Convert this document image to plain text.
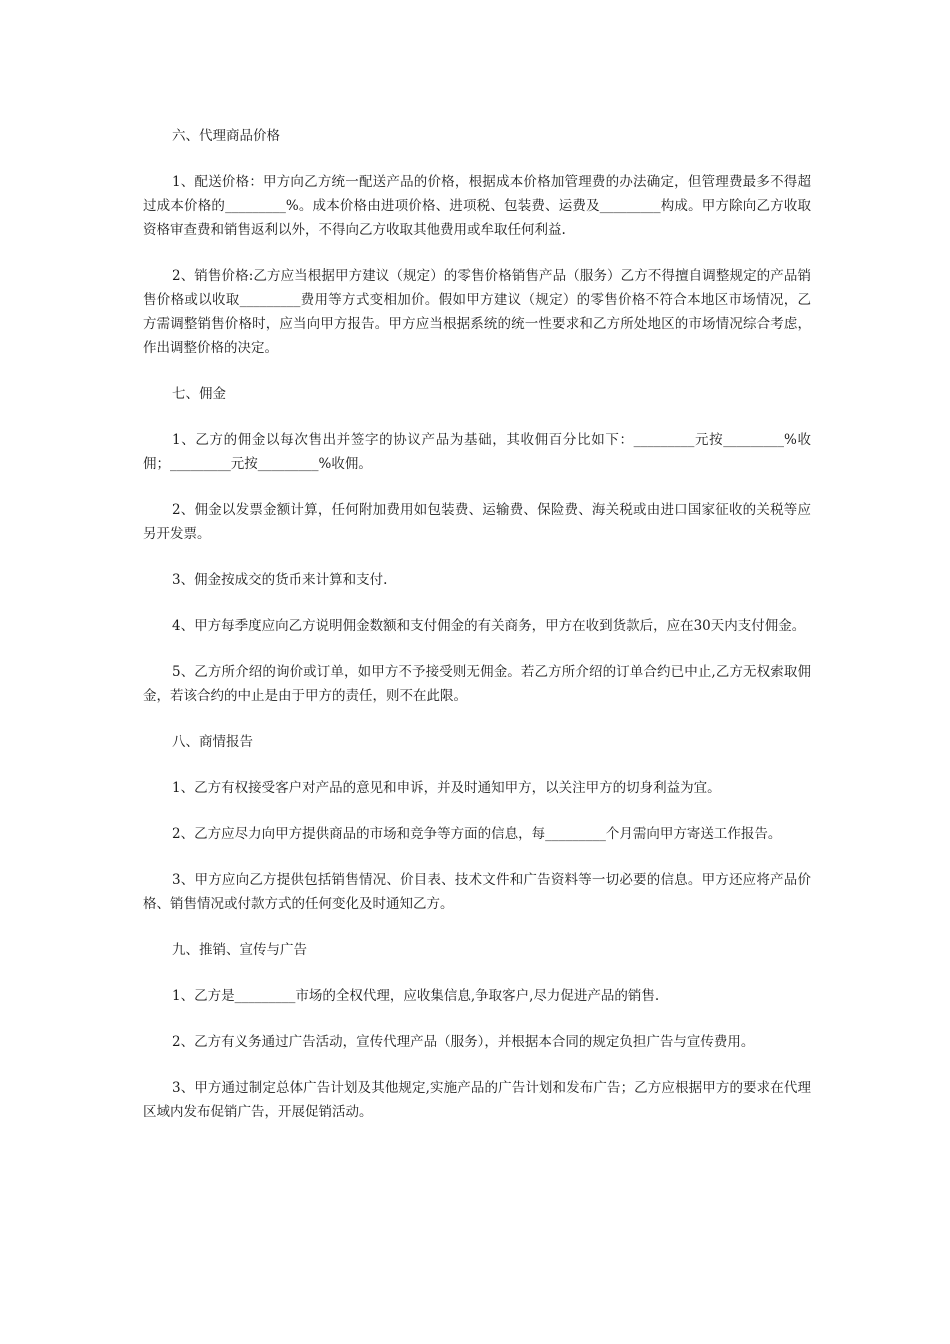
六、代理商品价格

1、配送价格：甲方向乙方统一配送产品的价格，根据成本价格加管理费的办法确定，但管理费最多不得超过成本价格的_________%。成本价格由进项价格、进项税、包装费、运费及_________构成。甲方除向乙方收取资格审查费和销售返利以外，不得向乙方收取其他费用或牟取任何利益.

2、销售价格:乙方应当根据甲方建议（规定）的零售价格销售产品（服务）乙方不得擅自调整规定的产品销售价格或以收取_________费用等方式变相加价。假如甲方建议（规定）的零售价格不符合本地区市场情况，乙方需调整销售价格时，应当向甲方报告。甲方应当根据系统的统一性要求和乙方所处地区的市场情况综合考虑，作出调整价格的决定。

七、佣金

1、乙方的佣金以每次售出并签字的协议产品为基础，其收佣百分比如下：_________元按_________%收佣；_________元按_________%收佣。

2、佣金以发票金额计算，任何附加费用如包装费、运输费、保险费、海关税或由进口国家征收的关税等应另开发票。

3、佣金按成交的货币来计算和支付.

4、甲方每季度应向乙方说明佣金数额和支付佣金的有关商务，甲方在收到货款后，应在30天内支付佣金。

5、乙方所介绍的询价或订单，如甲方不予接受则无佣金。若乙方所介绍的订单合约已中止,乙方无权索取佣金，若该合约的中止是由于甲方的责任，则不在此限。

八、商情报告

1、乙方有权接受客户对产品的意见和申诉，并及时通知甲方，以关注甲方的切身利益为宜。

2、乙方应尽力向甲方提供商品的市场和竞争等方面的信息，每_________个月需向甲方寄送工作报告。

3、甲方应向乙方提供包括销售情况、价目表、技术文件和广告资料等一切必要的信息。甲方还应将产品价格、销售情况或付款方式的任何变化及时通知乙方。

九、推销、宣传与广告

1、乙方是_________市场的全权代理，应收集信息,争取客户,尽力促进产品的销售.

2、乙方有义务通过广告活动，宣传代理产品（服务），并根据本合同的规定负担广告与宣传费用。

3、甲方通过制定总体广告计划及其他规定,实施产品的广告计划和发布广告；乙方应根据甲方的要求在代理区域内发布促销广告，开展促销活动。
